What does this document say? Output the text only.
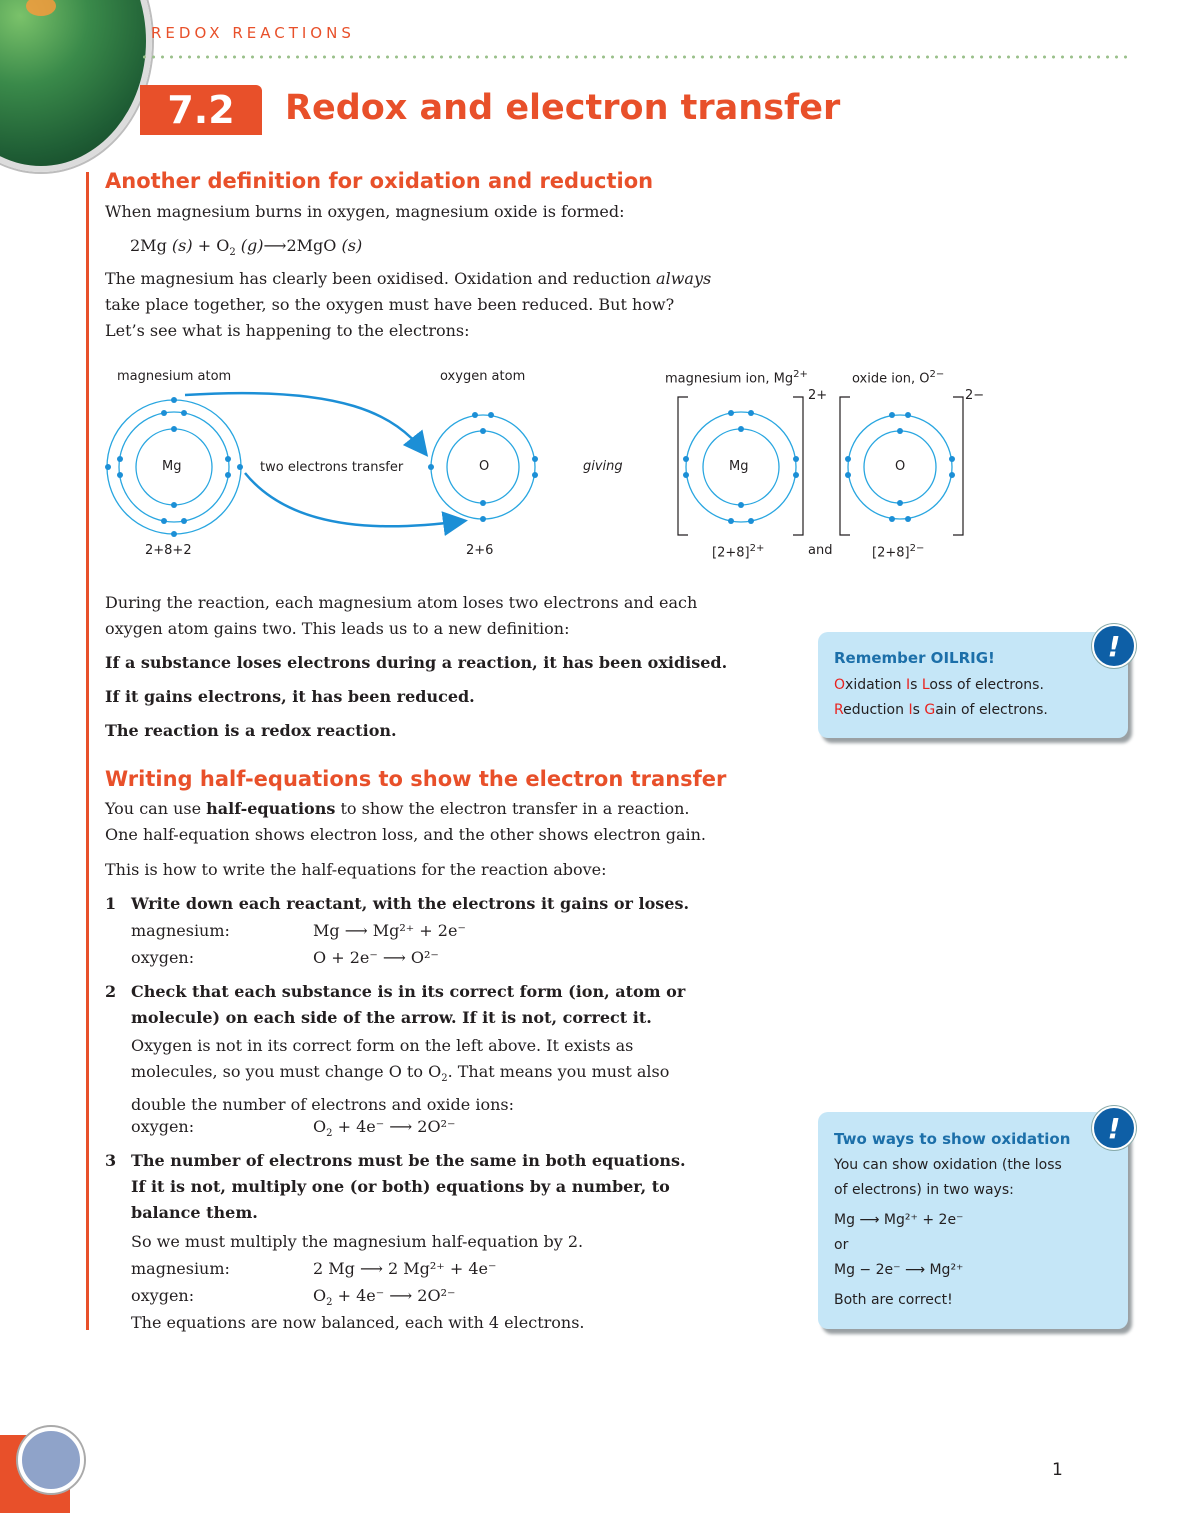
REDOX REACTIONS
7.2	Redox and electron transfer
Another definition for oxidation and reduction
When magnesium burns in oxygen, magnesium oxide is formed:
2Mg $(s) + O_2$ (g)⟶2MgO (s)
The magnesium has clearly been oxidised. Oxidation and reduction always
take place together, so the oxygen must have been reduced. But how?
Let’s see what is happening to the electrons:
magnesium atom	oxygen atom	magnesium ion, $Mg^{2+}$	oxide ion, $O^{2-}$
Mg	O
two electrons transfer	giving	Mg	O
2+	2−
2+8+2	2+6	$[2+8]^{2+}$	and	$[2+8]^{2-}$
During the reaction, each magnesium atom loses two electrons and each
oxygen atom gains two. This leads us to a new definition:
If a substance loses electrons during a reaction, it has been oxidised.
If it gains electrons, it has been reduced.
The reaction is a redox reaction.
Remember OILRIG!
Oxidation Is Loss of electrons.
Reduction Is Gain of electrons.
!
Writing half-equations to show the electron transfer
You can use half-equations to show the electron transfer in a reaction.
One half-equation shows electron loss, and the other shows electron gain.
This is how to write the half-equations for the reaction above:
1 Write down each reactant, with the electrons it gains or loses.
magnesium:	Mg ⟶ Mg²⁺ + 2e⁻
oxygen:	O + 2e⁻ ⟶ O²⁻
2 Check that each substance is in its correct form (ion, atom or
molecule) on each side of the arrow. If it is not, correct it.
Oxygen is not in its correct form on the left above. It exists as
molecules, so you must change O to $O_2$. That means you must also
double the number of electrons and oxide ions:
oxygen:	$O_2 + 4e^-$ ⟶ 2O²⁻
3 The number of electrons must be the same in both equations.
If it is not, multiply one (or both) equations by a number, to
balance them.
So we must multiply the magnesium half-equation by 2.
magnesium:	2 Mg ⟶ 2 Mg²⁺ + 4e⁻
oxygen:	$O_2 + 4e^-$ ⟶ 2O²⁻
The equations are now balanced, each with 4 electrons.
Two ways to show oxidation
You can show oxidation (the loss
of electrons) in two ways:
Mg ⟶ Mg²⁺ + 2e⁻
or
Mg − 2e⁻ ⟶ Mg²⁺
Both are correct!
!
1
